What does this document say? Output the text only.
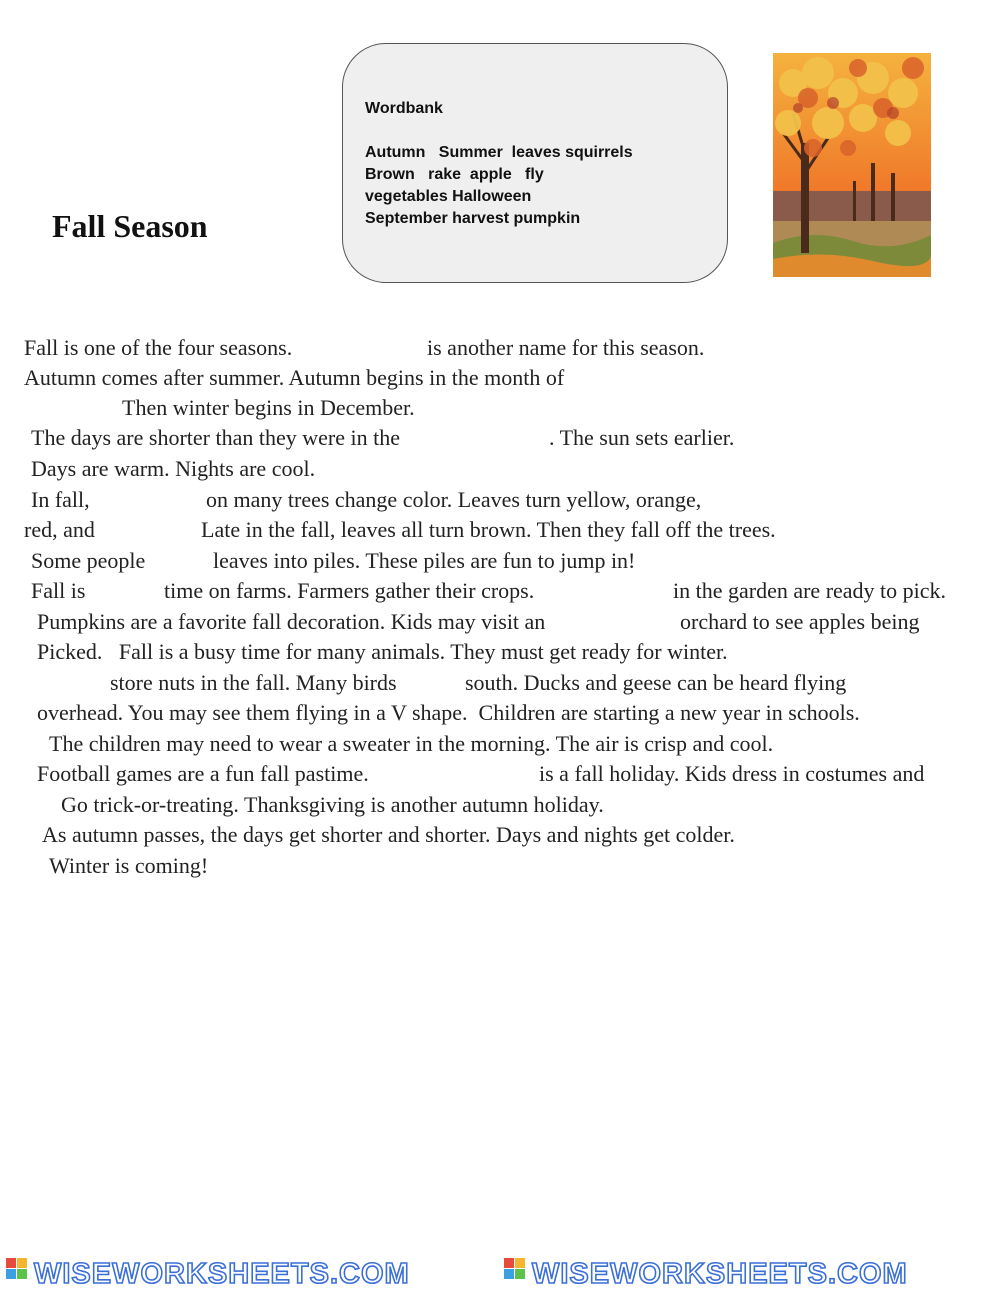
Fall Season
Wordbank
Autumn   Summer  leaves squirrels
Brown   rake  apple   fly
vegetables Halloween
September harvest pumpkin
Fall is one of the four seasons.	is another name for this season.
Autumn comes after summer. Autumn begins in the month of
Then winter begins in December.
The days are shorter than they were in the	. The sun sets earlier.
Days are warm. Nights are cool.
In fall,	on many trees change color. Leaves turn yellow, orange,
red, and	Late in the fall, leaves all turn brown. Then they fall off the trees.
Some people	leaves into piles. These piles are fun to jump in!
Fall is	time on farms. Farmers gather their crops.	in the garden are ready to pick.
Pumpkins are a favorite fall decoration. Kids may visit an	orchard to see apples being
Picked.   Fall is a busy time for many animals. They must get ready for winter.
store nuts in the fall. Many birds	south. Ducks and geese can be heard flying
overhead. You may see them flying in a V shape.  Children are starting a new year in schools.
The children may need to wear a sweater in the morning. The air is crisp and cool.
Football games are a fun fall pastime.	is a fall holiday. Kids dress in costumes and
Go trick-or-treating. Thanksgiving is another autumn holiday.
As autumn passes, the days get shorter and shorter. Days and nights get colder.
Winter is coming!
WISEWORKSHEETS.COM	WISEWORKSHEETS.COM
